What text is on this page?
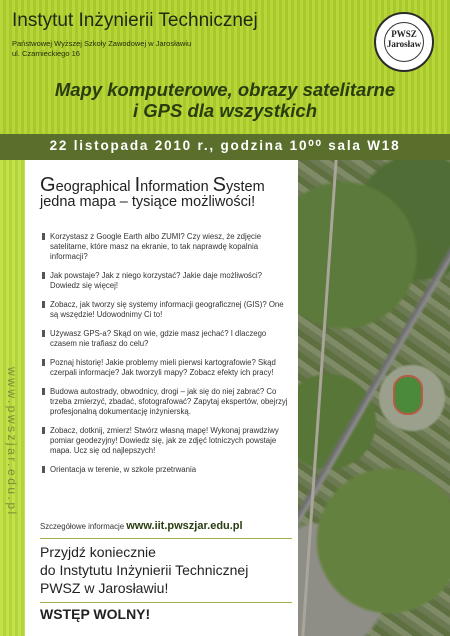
Instytut Inżynierii Technicznej
Państwowej Wyższej Szkoły Zawodowej w Jarosławiu
ul. Czarnieckiego 16
PWSZ
Jarosław
Mapy komputerowe, obrazy satelitarne
i GPS dla wszystkich
22 listopada 2010 r., godzina 10⁰⁰ sala W18
www.pwszjar.edu.pl
Geographical Information System
jedna mapa – tysiące możliwości!
Korzystasz z Google Earth albo ZUMI? Czy wiesz, że zdjęcie satelitarne, które masz na ekranie, to tak naprawdę kopalnia informacji?
Jak powstaje? Jak z niego korzystać? Jakie daje możliwości? Dowiedz się więcej!
Zobacz, jak tworzy się systemy informacji geograficznej (GIS)? One są wszędzie! Udowodnimy Ci to!
Używasz GPS-a? Skąd on wie, gdzie masz jechać? I dlaczego czasem nie trafiasz do celu?
Poznaj historię! Jakie problemy mieli pierwsi kartografowie? Skąd czerpali informacje? Jak tworzyli mapy? Zobacz efekty ich pracy!
Budowa autostrady, obwodnicy, drogi – jak się do niej zabrać? Co trzeba zmierzyć, zbadać, sfotografować? Zapytaj ekspertów, obejrzyj profesjonalną dokumentację inżynierską.
Zobacz, dotknij, zmierz! Stwórz własną mapę! Wykonaj prawdziwy pomiar geodezyjny! Dowiedz się, jak ze zdjęć lotniczych powstaje mapa. Ucz się od najlepszych!
Orientacja w terenie, w szkole przetrwania
Szczegółowe informacje www.iit.pwszjar.edu.pl
Przyjdź koniecznie
do Instytutu Inżynierii Technicznej
PWSZ w Jarosławiu!
WSTĘP WOLNY!
